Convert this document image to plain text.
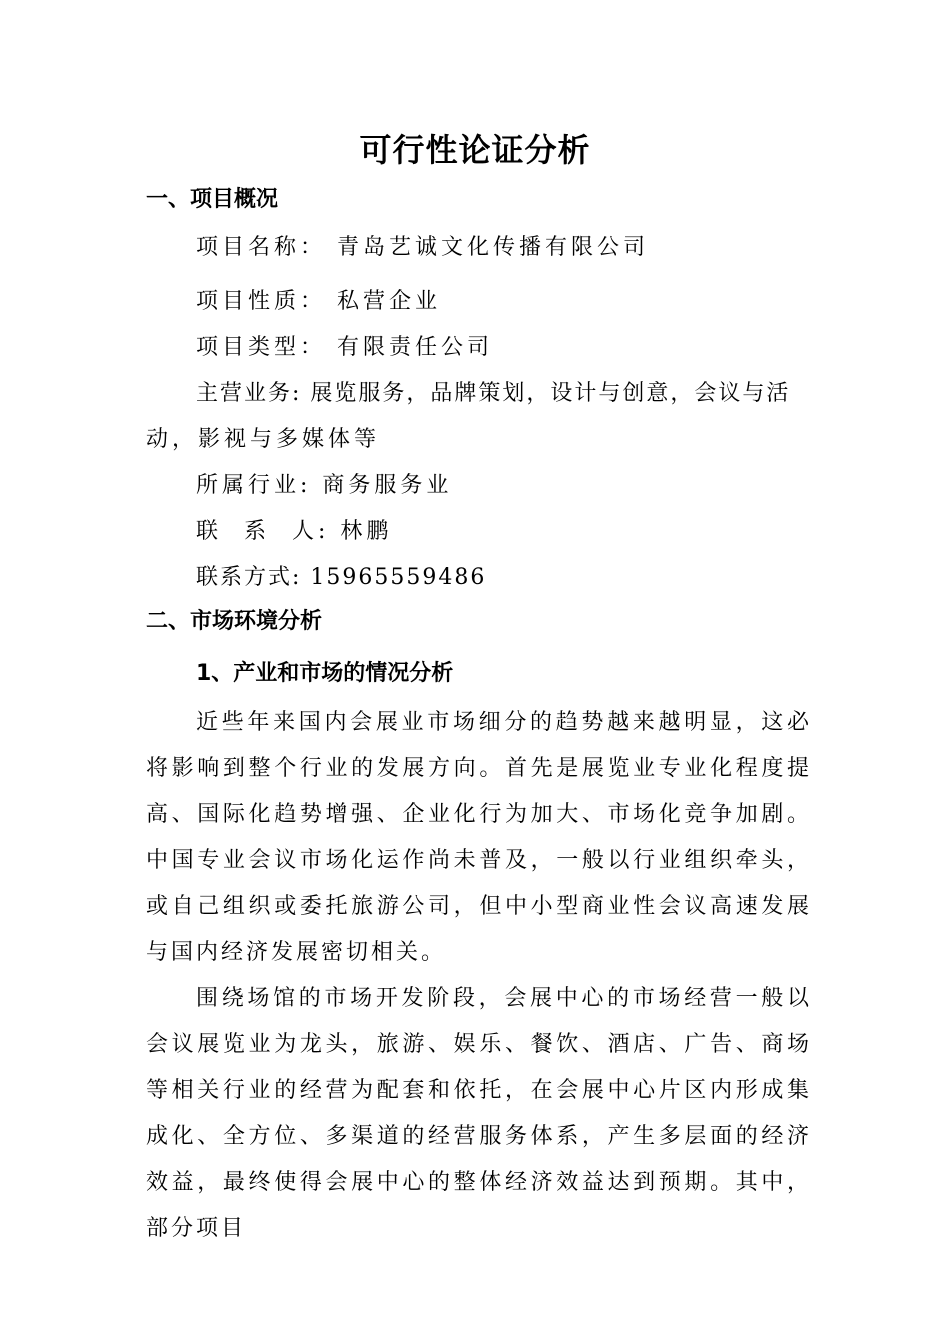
可行性论证分析
一、项目概况
项目名称： 青岛艺诚文化传播有限公司
项目性质： 私营企业
项目类型： 有限责任公司
主营业务: 展览服务，品牌策划，设计与创意，会议与活
动，影视与多媒体等
所属行业: 商务服务业
联  系  人: 林鹏
联系方式: 15965559486
二、市场环境分析
1、产业和市场的情况分析
近些年来国内会展业市场细分的趋势越来越明显，这必将影响到整个行业的发展方向。首先是展览业专业化程度提高、国际化趋势增强、企业化行为加大、市场化竞争加剧。中国专业会议市场化运作尚未普及，一般以行业组织牵头，或自己组织或委托旅游公司，但中小型商业性会议高速发展与国内经济发展密切相关。
围绕场馆的市场开发阶段，会展中心的市场经营一般以会议展览业为龙头，旅游、娱乐、餐饮、酒店、广告、商场等相关行业的经营为配套和依托，在会展中心片区内形成集成化、全方位、多渠道的经营服务体系，产生多层面的经济效益，最终使得会展中心的整体经济效益达到预期。其中，部分项目
